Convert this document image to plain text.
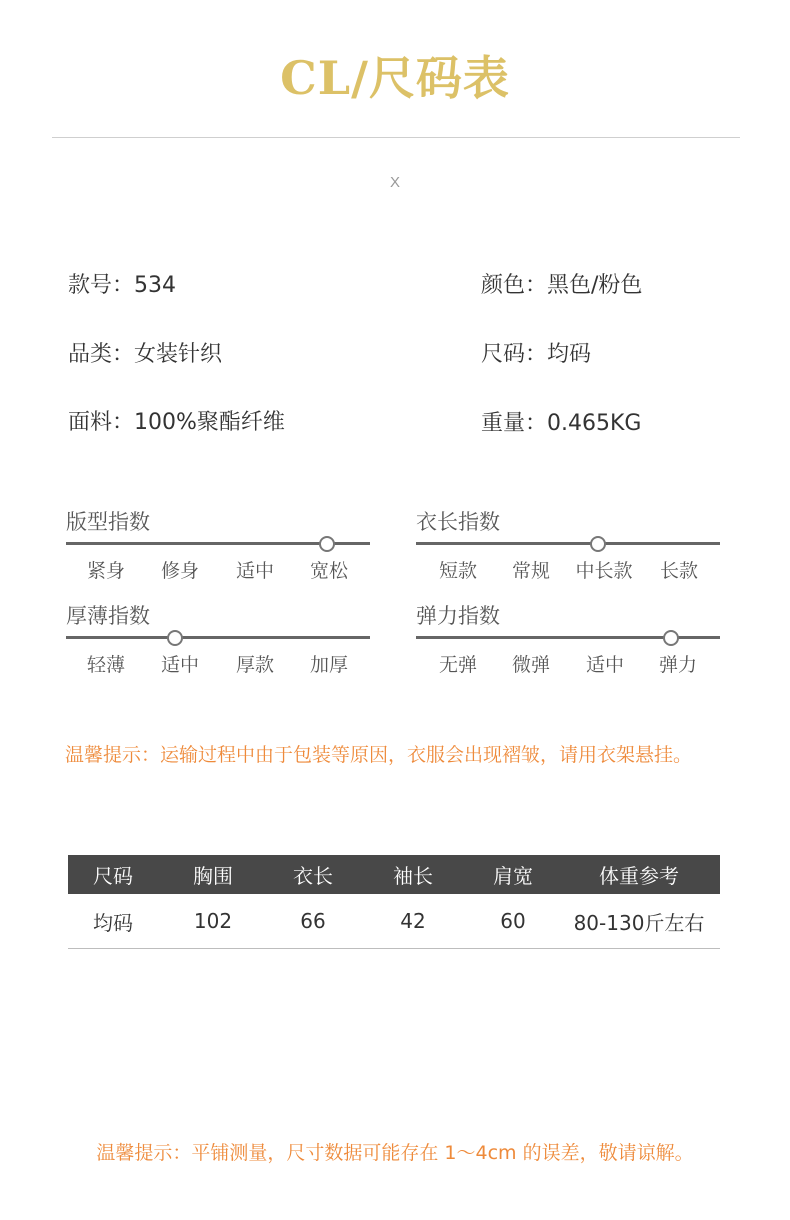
CL/尺码表
X
款号：534	颜色：黑色/粉色
品类：女装针织	尺码：均码
面料：100%聚酯纤维	重量：0.465KG
版型指数
紧身	修身	适中	宽松
衣长指数
短款	常规	中长款	长款
厚薄指数
轻薄	适中	厚款	加厚
弹力指数
无弹	微弹	适中	弹力
温馨提示：运输过程中由于包装等原因，衣服会出现褶皱，请用衣架悬挂。
尺码	胸围	衣长	袖长	肩宽	体重参考
均码	102	66	42	60	80-130斤左右
温馨提示：平铺测量，尺寸数据可能存在 1～4cm 的误差，敬请谅解。
